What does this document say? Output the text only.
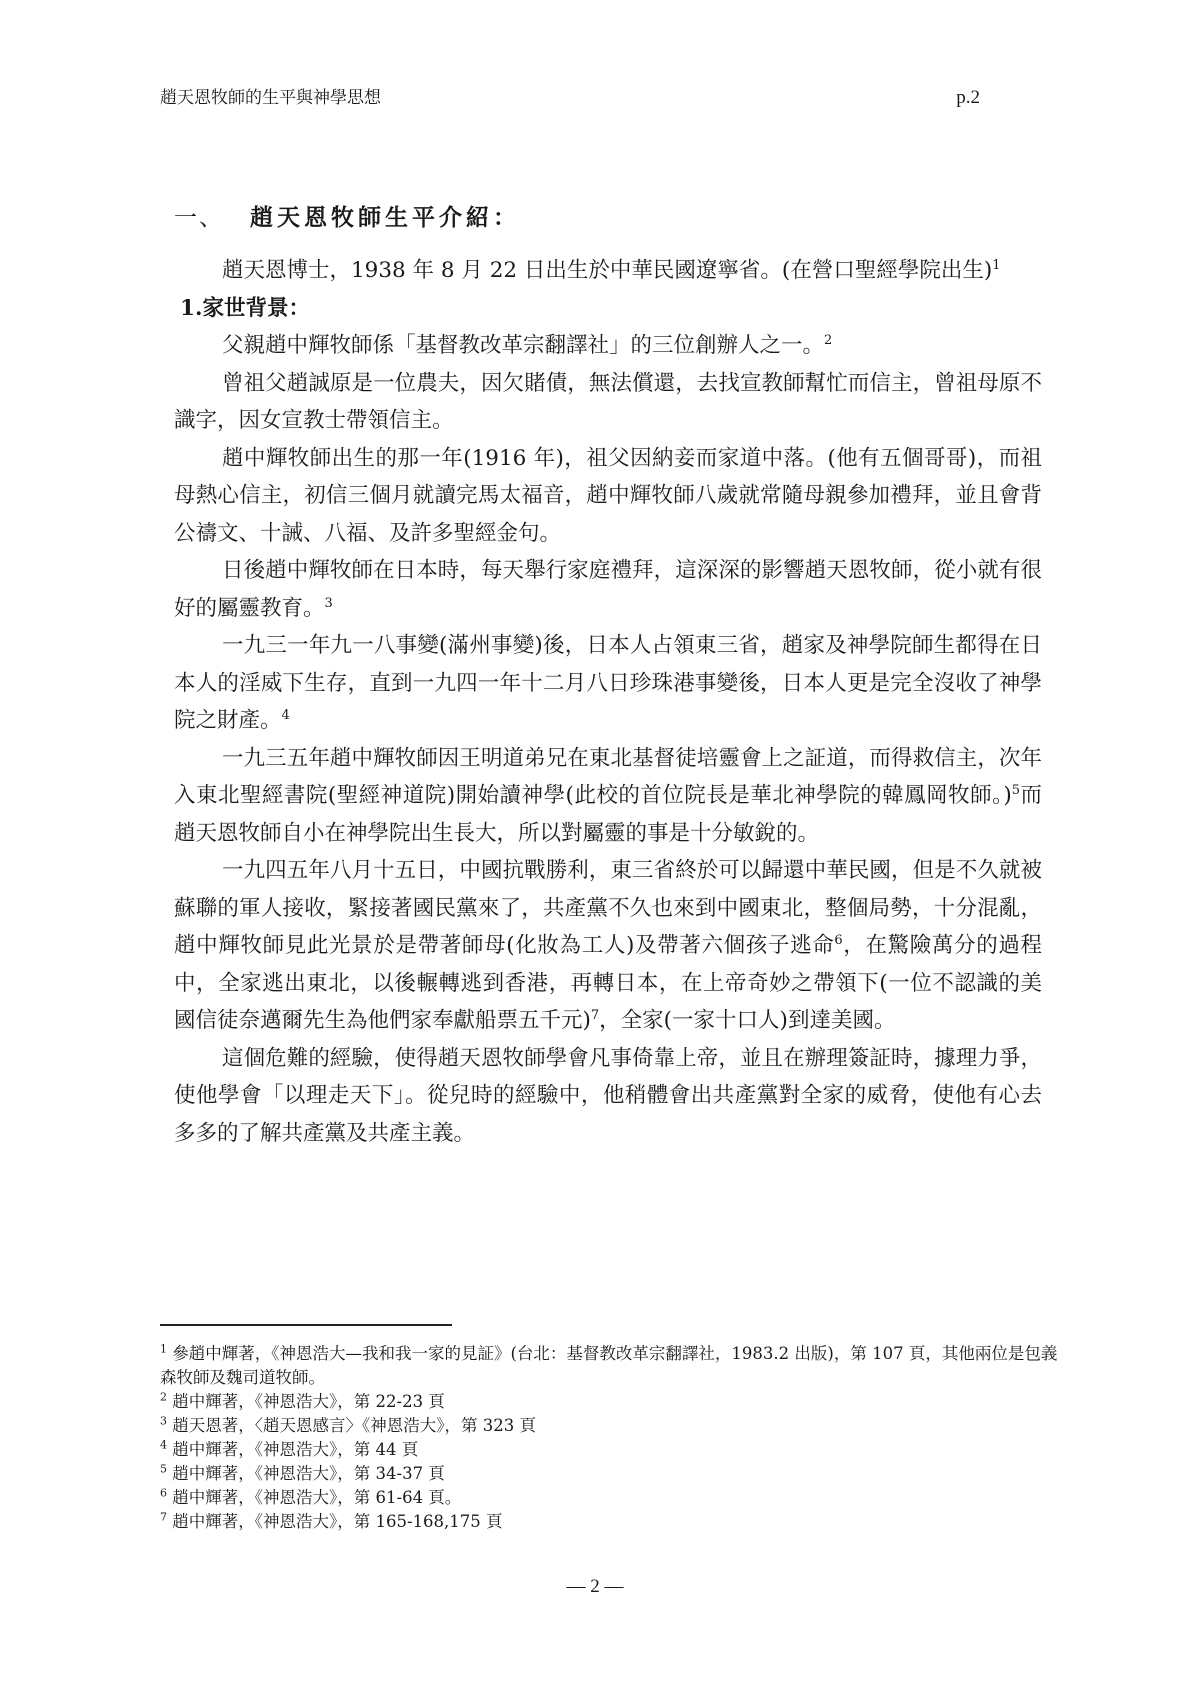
趙天恩牧師的生平與神學思想	p.2
一、 趙天恩牧師生平介紹：

趙天恩博士，1938 年 8 月 22 日出生於中華民國遼寧省。(在營口聖經學院出生)$^1$

1.家世背景：

父親趙中輝牧師係「基督教改革宗翻譯社」的三位創辦人之一。$^2$

曾祖父趙誠原是一位農夫，因欠賭債，無法償還，去找宣教師幫忙而信主，曾祖母原不識字，因女宣教士帶領信主。

趙中輝牧師出生的那一年(1916 年)，祖父因納妾而家道中落。(他有五個哥哥)，而祖母熱心信主，初信三個月就讀完馬太福音，趙中輝牧師八歲就常隨母親參加禮拜，並且會背公禱文、十誡、八福、及許多聖經金句。

日後趙中輝牧師在日本時，每天舉行家庭禮拜，這深深的影響趙天恩牧師，從小就有很好的屬靈教育。$^3$

一九三一年九一八事變(滿州事變)後，日本人占領東三省，趙家及神學院師生都得在日本人的淫威下生存，直到一九四一年十二月八日珍珠港事變後，日本人更是完全沒收了神學院之財產。$^4$

一九三五年趙中輝牧師因王明道弟兄在東北基督徒培靈會上之証道，而得救信主，次年入東北聖經書院(聖經神道院)開始讀神學(此校的首位院長是華北神學院的韓鳳岡牧師。)$^5$而趙天恩牧師自小在神學院出生長大，所以對屬靈的事是十分敏銳的。

一九四五年八月十五日，中國抗戰勝利，東三省終於可以歸還中華民國，但是不久就被蘇聯的軍人接收，緊接著國民黨來了，共產黨不久也來到中國東北，整個局勢，十分混亂，趙中輝牧師見此光景於是帶著師母(化妝為工人)及帶著六個孩子逃命$^6$，在驚險萬分的過程中，全家逃出東北，以後輾轉逃到香港，再轉日本，在上帝奇妙之帶領下(一位不認識的美國信徒奈邁爾先生為他們家奉獻船票五千元)$^7$，全家(一家十口人)到達美國。

這個危難的經驗，使得趙天恩牧師學會凡事倚靠上帝，並且在辦理簽証時，據理力爭，使他學會「以理走天下」。從兒時的經驗中，他稍體會出共產黨對全家的威脅，使他有心去多多的了解共產黨及共產主義。

$^1$ 參趙中輝著，《神恩浩大—我和我一家的見証》(台北：基督教改革宗翻譯社，1983.2 出版)，第 107 頁，其他兩位是包義森牧師及魏司道牧師。

$^2$ 趙中輝著，《神恩浩大》，第 22-23 頁

$^3$ 趙天恩著，〈趙天恩感言〉《神恩浩大》，第 323 頁

$^4$ 趙中輝著，《神恩浩大》，第 44 頁

$^5$ 趙中輝著，《神恩浩大》，第 34-37 頁

$^6$ 趙中輝著，《神恩浩大》，第 61-64 頁。

$^7$ 趙中輝著，《神恩浩大》，第 165-168,175 頁

— 2 —
